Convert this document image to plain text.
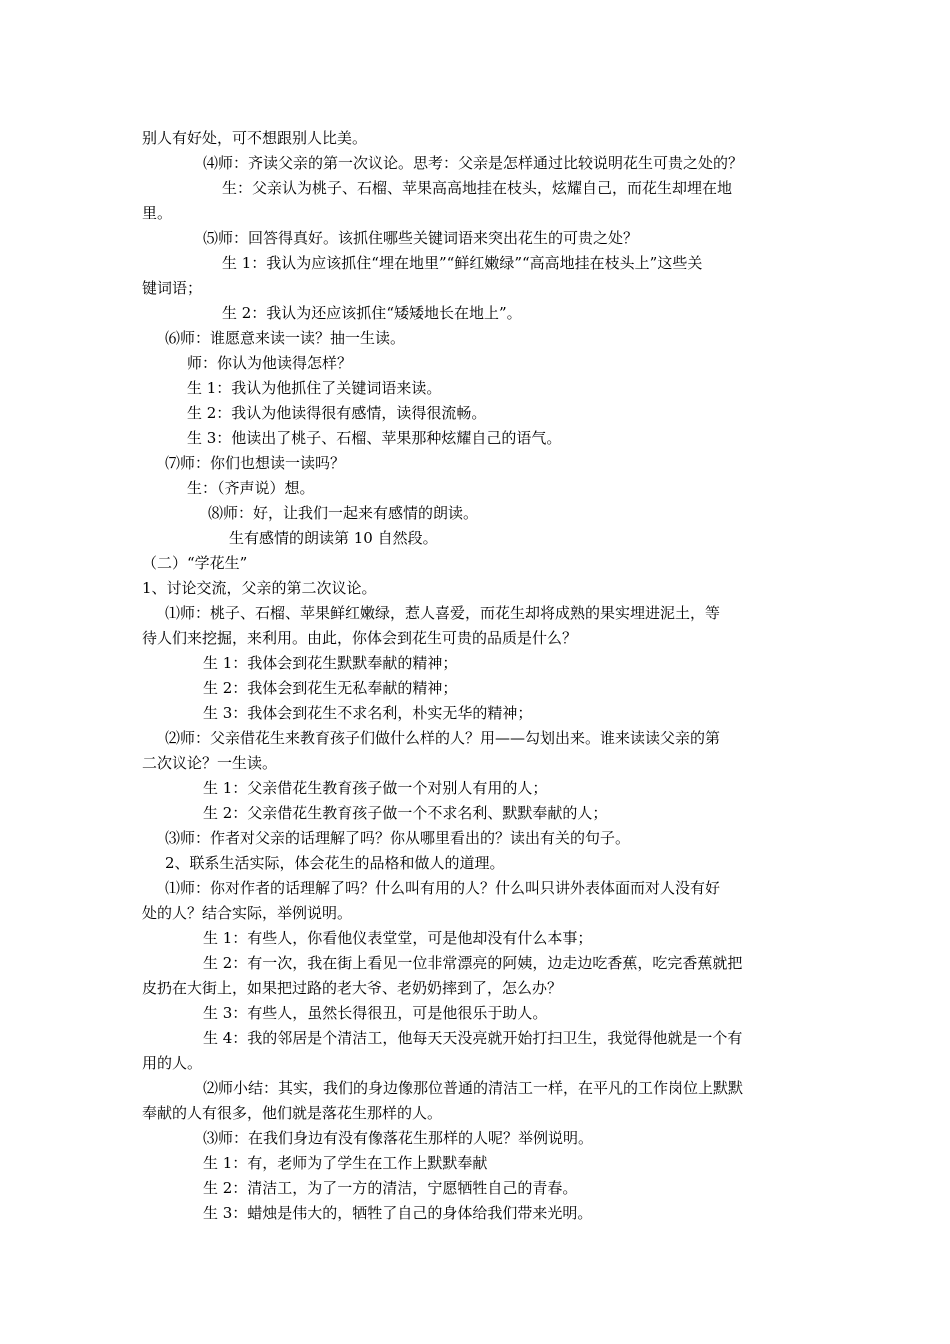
别人有好处，可不想跟别人比美。
⑷师：齐读父亲的第一次议论。思考：父亲是怎样通过比较说明花生可贵之处的？
生：父亲认为桃子、石榴、苹果高高地挂在枝头，炫耀自己，而花生却埋在地
里。
⑸师：回答得真好。该抓住哪些关键词语来突出花生的可贵之处？
生 1：我认为应该抓住“埋在地里”“鲜红嫩绿”“高高地挂在枝头上”这些关
键词语；
生 2：我认为还应该抓住“矮矮地长在地上”。
⑹师：谁愿意来读一读？抽一生读。
师：你认为他读得怎样？
生 1：我认为他抓住了关键词语来读。
生 2：我认为他读得很有感情，读得很流畅。
生 3：他读出了桃子、石榴、苹果那种炫耀自己的语气。
⑺师：你们也想读一读吗？
生：（齐声说）想。
⑻师：好，让我们一起来有感情的朗读。
生有感情的朗读第 10 自然段。
（二）“学花生”
1、讨论交流，父亲的第二次议论。
⑴师：桃子、石榴、苹果鲜红嫩绿，惹人喜爱，而花生却将成熟的果实埋进泥土，等
待人们来挖掘，来利用。由此，你体会到花生可贵的品质是什么？
生 1：我体会到花生默默奉献的精神；
生 2：我体会到花生无私奉献的精神；
生 3：我体会到花生不求名利，朴实无华的精神；
⑵师：父亲借花生来教育孩子们做什么样的人？用——勾划出来。谁来读读父亲的第
二次议论？一生读。
生 1：父亲借花生教育孩子做一个对别人有用的人；
生 2：父亲借花生教育孩子做一个不求名利、默默奉献的人；
⑶师：作者对父亲的话理解了吗？你从哪里看出的？读出有关的句子。
2、联系生活实际，体会花生的品格和做人的道理。
⑴师：你对作者的话理解了吗？什么叫有用的人？什么叫只讲外表体面而对人没有好
处的人？结合实际，举例说明。
生 1：有些人，你看他仪表堂堂，可是他却没有什么本事；
生 2：有一次，我在街上看见一位非常漂亮的阿姨，边走边吃香蕉，吃完香蕉就把
皮扔在大街上，如果把过路的老大爷、老奶奶摔到了，怎么办？
生 3：有些人，虽然长得很丑，可是他很乐于助人。
生 4：我的邻居是个清洁工，他每天天没亮就开始打扫卫生，我觉得他就是一个有
用的人。
⑵师小结：其实，我们的身边像那位普通的清洁工一样，在平凡的工作岗位上默默
奉献的人有很多，他们就是落花生那样的人。
⑶师：在我们身边有没有像落花生那样的人呢？举例说明。
生 1：有，老师为了学生在工作上默默奉献
生 2：清洁工，为了一方的清洁，宁愿牺牲自己的青春。
生 3：蜡烛是伟大的，牺牲了自己的身体给我们带来光明。
